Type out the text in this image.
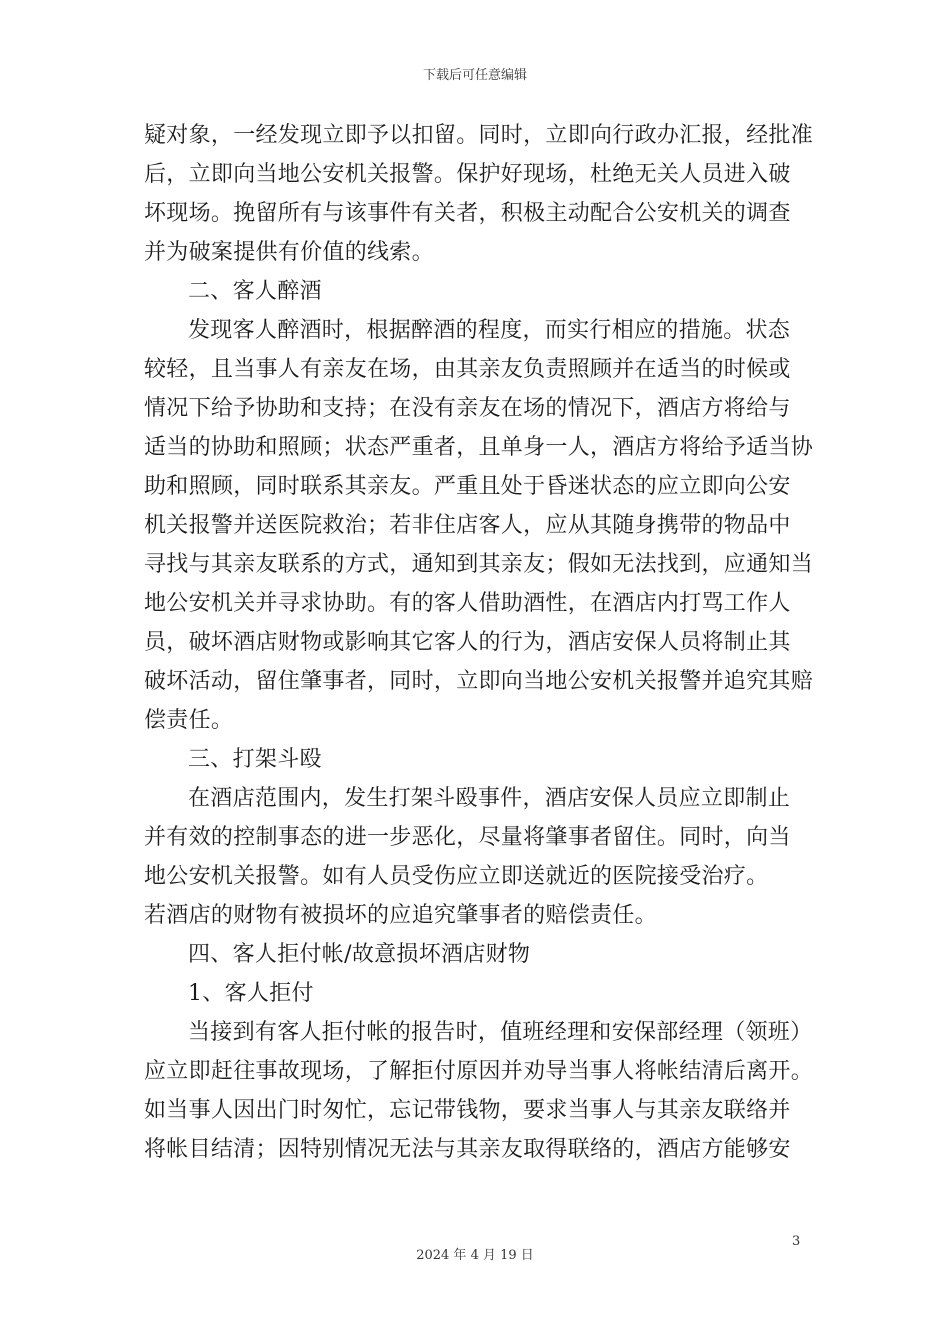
下载后可任意编辑
疑对象，一经发现立即予以扣留。同时，立即向行政办汇报，经批准
后，立即向当地公安机关报警。保护好现场，杜绝无关人员进入破
坏现场。挽留所有与该事件有关者，积极主动配合公安机关的调查
并为破案提供有价值的线索。
二、客人醉酒
发现客人醉酒时，根据醉酒的程度，而实行相应的措施。状态
较轻，且当事人有亲友在场，由其亲友负责照顾并在适当的时候或
情况下给予协助和支持；在没有亲友在场的情况下，酒店方将给与
适当的协助和照顾；状态严重者，且单身一人，酒店方将给予适当协
助和照顾，同时联系其亲友。严重且处于昏迷状态的应立即向公安
机关报警并送医院救治；若非住店客人，应从其随身携带的物品中
寻找与其亲友联系的方式，通知到其亲友；假如无法找到，应通知当
地公安机关并寻求协助。有的客人借助酒性，在酒店内打骂工作人
员，破坏酒店财物或影响其它客人的行为，酒店安保人员将制止其
破坏活动，留住肇事者，同时，立即向当地公安机关报警并追究其赔
偿责任。
三、打架斗殴
在酒店范围内，发生打架斗殴事件，酒店安保人员应立即制止
并有效的控制事态的进一步恶化，尽量将肇事者留住。同时，向当
地公安机关报警。如有人员受伤应立即送就近的医院接受治疗。
若酒店的财物有被损坏的应追究肇事者的赔偿责任。
四、客人拒付帐/故意损坏酒店财物
1、客人拒付
当接到有客人拒付帐的报告时，值班经理和安保部经理（领班）
应立即赶往事故现场，了解拒付原因并劝导当事人将帐结清后离开。
如当事人因出门时匆忙，忘记带钱物，要求当事人与其亲友联络并
将帐目结清；因特别情况无法与其亲友取得联络的，酒店方能够安
3
2024 年 4 月 19 日
